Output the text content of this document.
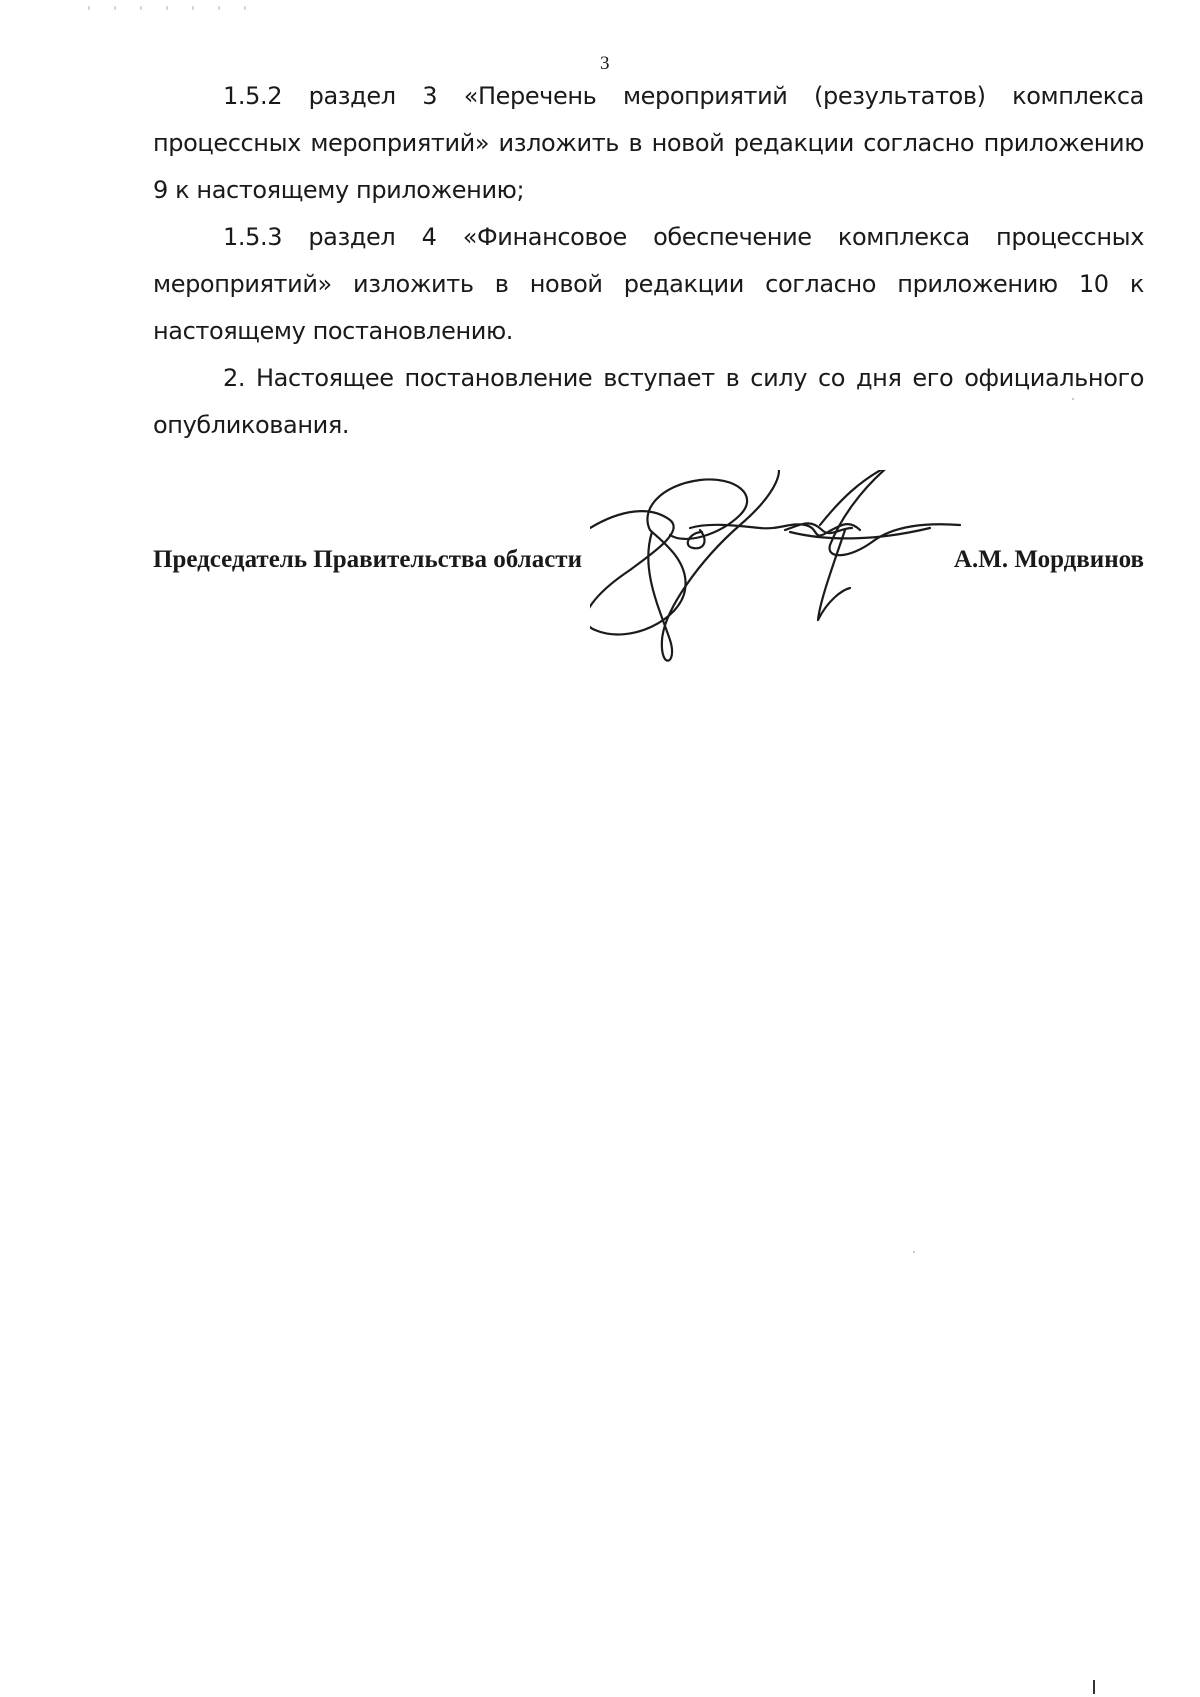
3

1.5.2 раздел 3 «Перечень мероприятий (результатов) комплекса процессных мероприятий» изложить в новой редакции согласно приложению 9 к настоящему приложению;

1.5.3 раздел 4 «Финансовое обеспечение комплекса процессных мероприятий» изложить в новой редакции согласно приложению 10 к настоящему постановлению.

2. Настоящее постановление вступает в силу со дня его официального опубликования.

Председатель Правительства области	А.М. Мордвинов
